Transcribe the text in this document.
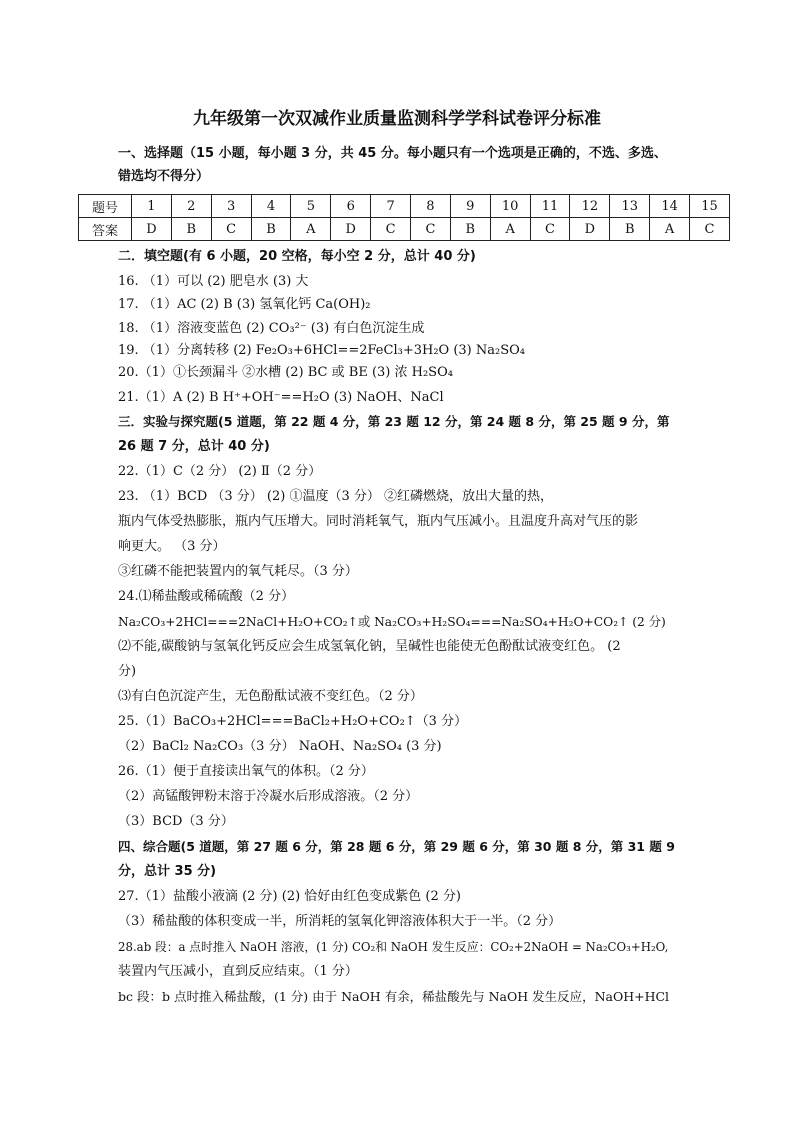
九年级第一次双减作业质量监测科学学科试卷评分标准
一、选择题（15 小题，每小题 3 分，共 45 分。每小题只有一个选项是正确的，不选、多选、
错选均不得分）
题号	1	2	3	4	5	6	7	8	9	10	11	12	13	14	15
答案	D	B	C	B	A	D	C	C	B	A	C	D	B	A	C
二．填空题(有 6 小题，20 空格，每小空 2 分，总计 40 分)
16. （1）可以 (2) 肥皂水 (3) 大
17. （1）AC (2) B (3) 氢氧化钙 Ca(OH)₂
18. （1）溶液变蓝色 (2) CO₃²⁻ (3) 有白色沉淀生成
19. （1）分离转移 (2) Fe₂O₃+6HCl==2FeCl₃+3H₂O (3) Na₂SO₄
20.（1）①长颈漏斗 ②水槽 (2) BC 或 BE (3) 浓 H₂SO₄
21.（1）A (2) B H⁺+OH⁻==H₂O (3) NaOH、NaCl
三．实验与探究题(5 道题，第 22 题 4 分，第 23 题 12 分，第 24 题 8 分，第 25 题 9 分，第
26 题 7 分，总计 40 分)
22.（1）C（2 分） (2) Ⅱ（2 分）
23. （1）BCD （3 分） (2) ①温度（3 分） ②红磷燃烧，放出大量的热，
瓶内气体受热膨胀，瓶内气压增大。同时消耗氧气，瓶内气压减小。且温度升高对气压的影
响更大。 （3 分）
③红磷不能把装置内的氧气耗尽。（3 分）
24.⑴稀盐酸或稀硫酸（2 分）
Na₂CO₃+2HCl===2NaCl+H₂O+CO₂↑或 Na₂CO₃+H₂SO₄===Na₂SO₄+H₂O+CO₂↑ (2 分)
⑵不能,碳酸钠与氢氧化钙反应会生成氢氧化钠，呈碱性也能使无色酚酞试液变红色。 (2
分)
⑶有白色沉淀产生，无色酚酞试液不变红色。（2 分）
25.（1）BaCO₃+2HCl===BaCl₂+H₂O+CO₂↑（3 分）
（2）BaCl₂ Na₂CO₃（3 分） NaOH、Na₂SO₄ (3 分)
26.（1）便于直接读出氧气的体积。（2 分）
（2）高锰酸钾粉末溶于冷凝水后形成溶液。（2 分）
（3）BCD（3 分）
四、综合题(5 道题，第 27 题 6 分，第 28 题 6 分，第 29 题 6 分，第 30 题 8 分，第 31 题 9
分，总计 35 分)
27.（1）盐酸小液滴 (2 分) (2) 恰好由红色变成紫色 (2 分)
（3）稀盐酸的体积变成一半，所消耗的氢氧化钾溶液体积大于一半。（2 分）
28.ab 段：a 点时推入 NaOH 溶液，(1 分) CO₂和 NaOH 发生反应：CO₂+2NaOH = Na₂CO₃+H₂O,
装置内气压减小，直到反应结束。（1 分）
bc 段：b 点时推入稀盐酸，(1 分) 由于 NaOH 有余，稀盐酸先与 NaOH 发生反应，NaOH+HCl
